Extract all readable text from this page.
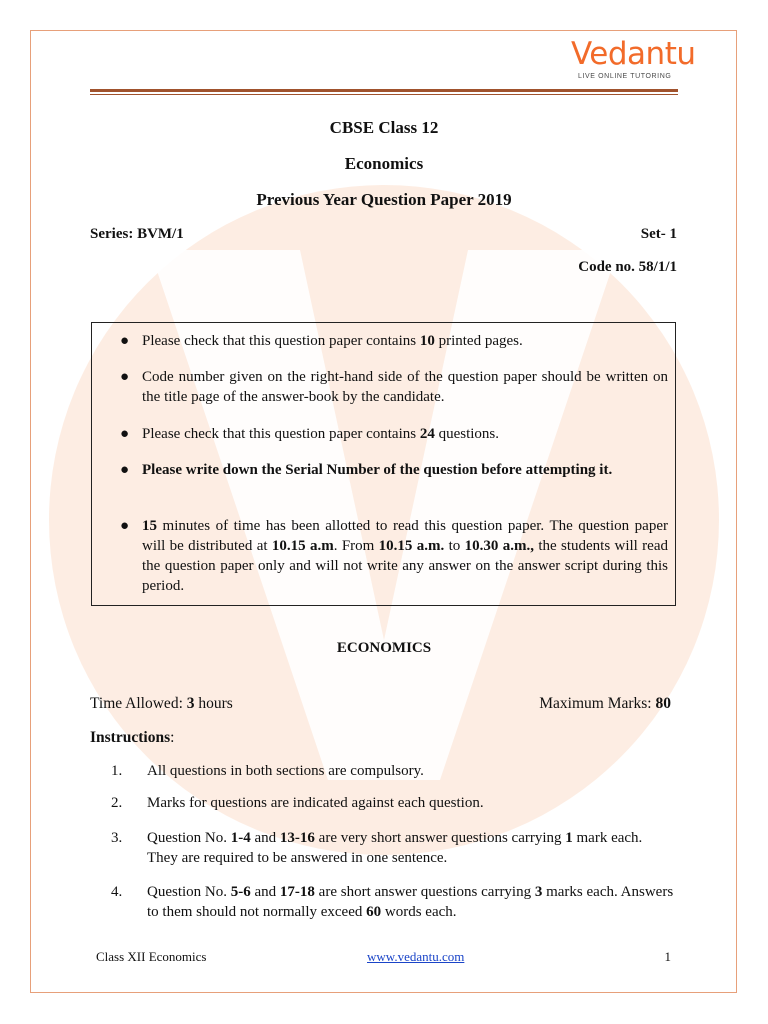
Vedantu
LIVE ONLINE TUTORING
CBSE Class 12
Economics
Previous Year Question Paper 2019
Series: BVM/1	Set- 1
Code no. 58/1/1
● Please check that this question paper contains 10 printed pages.
● Code number given on the right-hand side of the question paper should be written on the title page of the answer-book by the candidate.
● Please check that this question paper contains 24 questions.
● Please write down the Serial Number of the question before attempting it.
● 15 minutes of time has been allotted to read this question paper. The question paper will be distributed at 10.15 a.m. From 10.15 a.m. to 10.30 a.m., the students will read the question paper only and will not write any answer on the answer script during this period.
ECONOMICS
Time Allowed: 3 hours	Maximum Marks: 80
Instructions:
1. All questions in both sections are compulsory.
2. Marks for questions are indicated against each question.
3. Question No. 1-4 and 13-16 are very short answer questions carrying 1 mark each. They are required to be answered in one sentence.
4. Question No. 5-6 and 17-18 are short answer questions carrying 3 marks each. Answers to them should not normally exceed 60 words each.
Class XII Economics	www.vedantu.com	1
